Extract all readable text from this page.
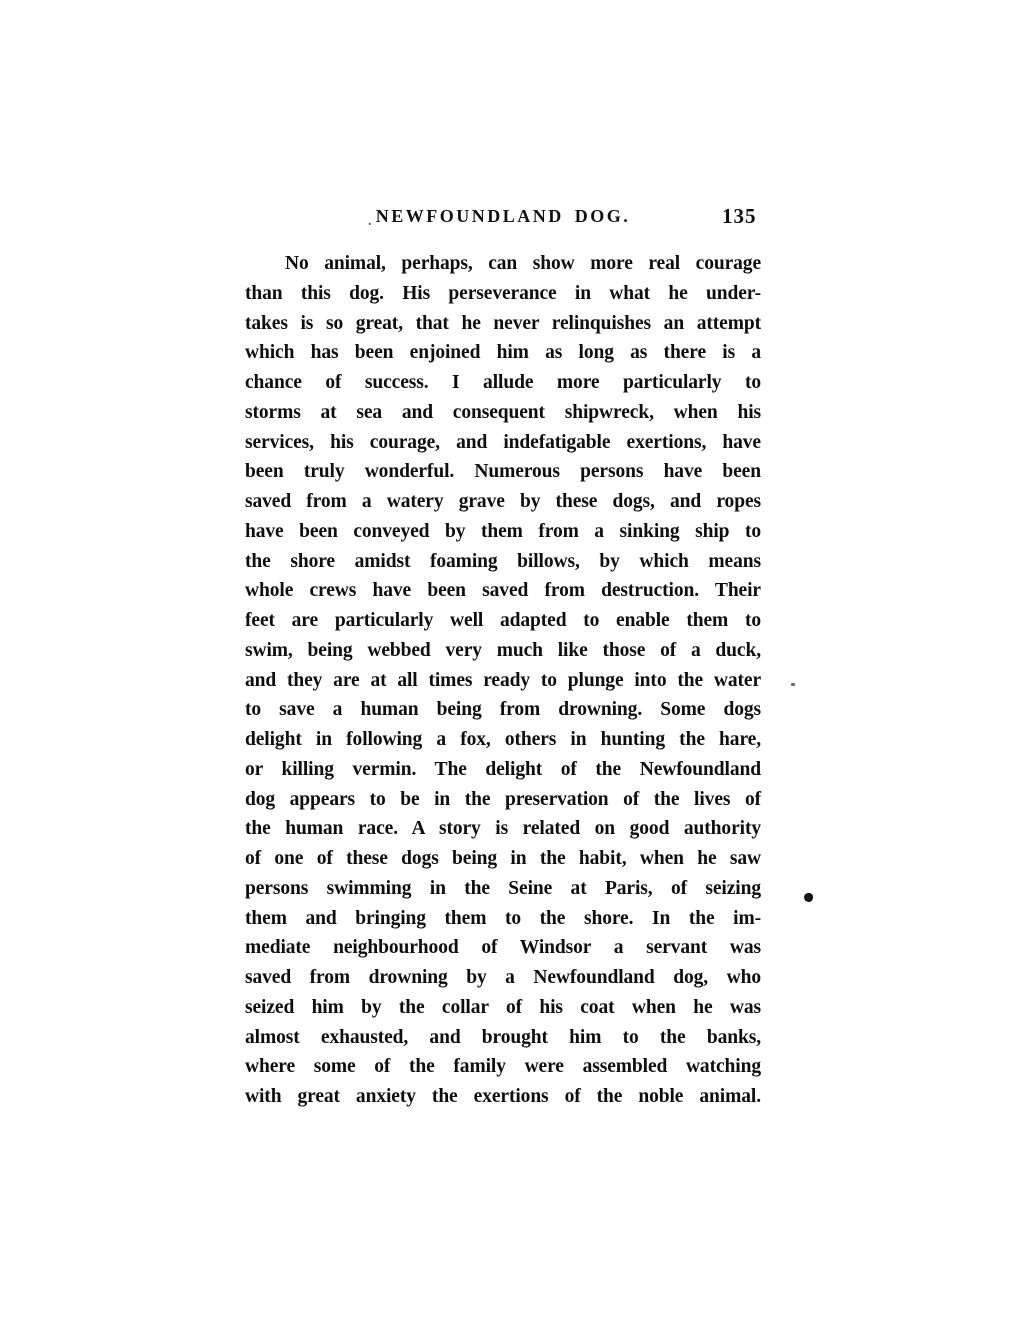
. NEWFOUNDLAND DOG.	135
No animal, perhaps, can show more real courage
than this dog. His perseverance in what he under-
takes is so great, that he never relinquishes an attempt
which has been enjoined him as long as there is a
chance of success. I allude more particularly to
storms at sea and consequent shipwreck, when his
services, his courage, and indefatigable exertions, have
been truly wonderful. Numerous persons have been
saved from a watery grave by these dogs, and ropes
have been conveyed by them from a sinking ship to
the shore amidst foaming billows, by which means
whole crews have been saved from destruction. Their
feet are particularly well adapted to enable them to
swim, being webbed very much like those of a duck,
and they are at all times ready to plunge into the water
to save a human being from drowning. Some dogs
delight in following a fox, others in hunting the hare,
or killing vermin. The delight of the Newfoundland
dog appears to be in the preservation of the lives of
the human race. A story is related on good authority
of one of these dogs being in the habit, when he saw
persons swimming in the Seine at Paris, of seizing
them and bringing them to the shore. In the im-
mediate neighbourhood of Windsor a servant was
saved from drowning by a Newfoundland dog, who
seized him by the collar of his coat when he was
almost exhausted, and brought him to the banks,
where some of the family were assembled watching
with great anxiety the exertions of the noble animal.
